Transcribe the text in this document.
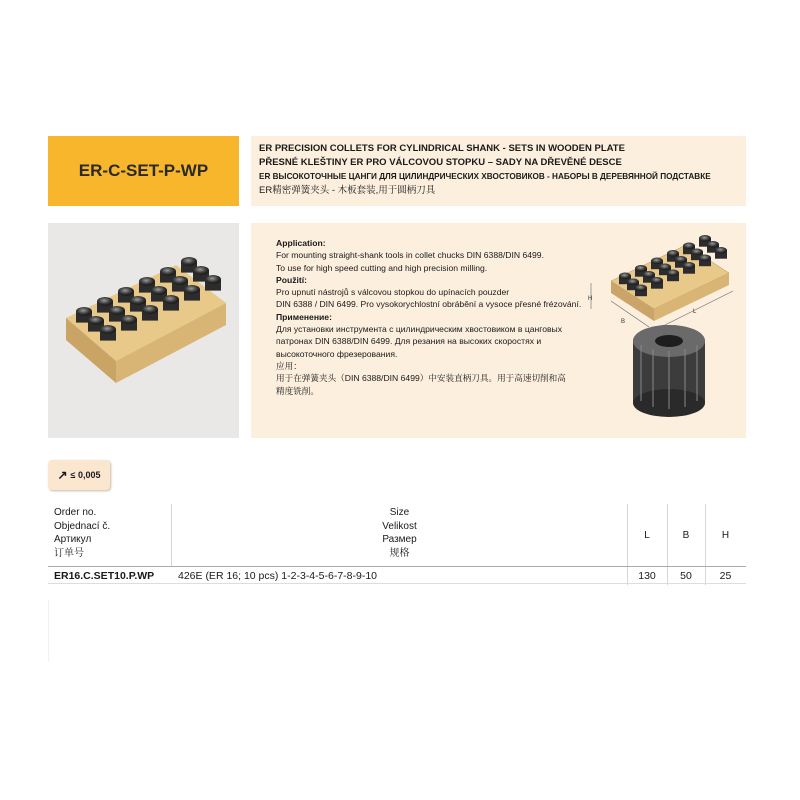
ER-C-SET-P-WP
ER PRECISION COLLETS FOR CYLINDRICAL SHANK - SETS IN WOODEN PLATE
PŘESNÉ KLEŠTINY ER PRO VÁLCOVOU STOPKU – SADY NA DŘEVĚNÉ DESCE
ER ВЫСОКОТОЧНЫЕ ЦАНГИ ДЛЯ ЦИЛИНДРИЧЕСКИХ ХВОСТОВИКОВ - НАБОРЫ В ДЕРЕВЯННОЙ ПОДСТАВКЕ
ER精密弹簧夹头 - 木板套装,用于圆柄刀具
Application:
For mounting straight-shank tools in collet chucks DIN 6388/DIN 6499.
To use for high speed cutting and high precision milling.
Použití:
Pro upnutí nástrojů s válcovou stopkou do upínacích pouzder
DIN 6388 / DIN 6499. Pro vysokorychlostní obrábění a vysoce přesné frézování.
Применение:
Для установки инструмента с цилиндрическим хвостовиком в цанговых
патронах DIN 6388/DIN 6499. Для резания на высоких скоростях и
высокоточного фрезерования.
应用：
用于在弹簧夹头（DIN 6388/DIN 6499）中安装直柄刀具。用于高速切削和高
精度铣削。
H
B
L
↗ ≤ 0,005
Order no.
Objednací č.
Артикул
订单号
Size
Velikost
Размер
规格
L	B	H
ER16.C.SET10.P.WP 426E (ER 16; 10 pcs) 1-2-3-4-5-6-7-8-9-10	130	50	25
